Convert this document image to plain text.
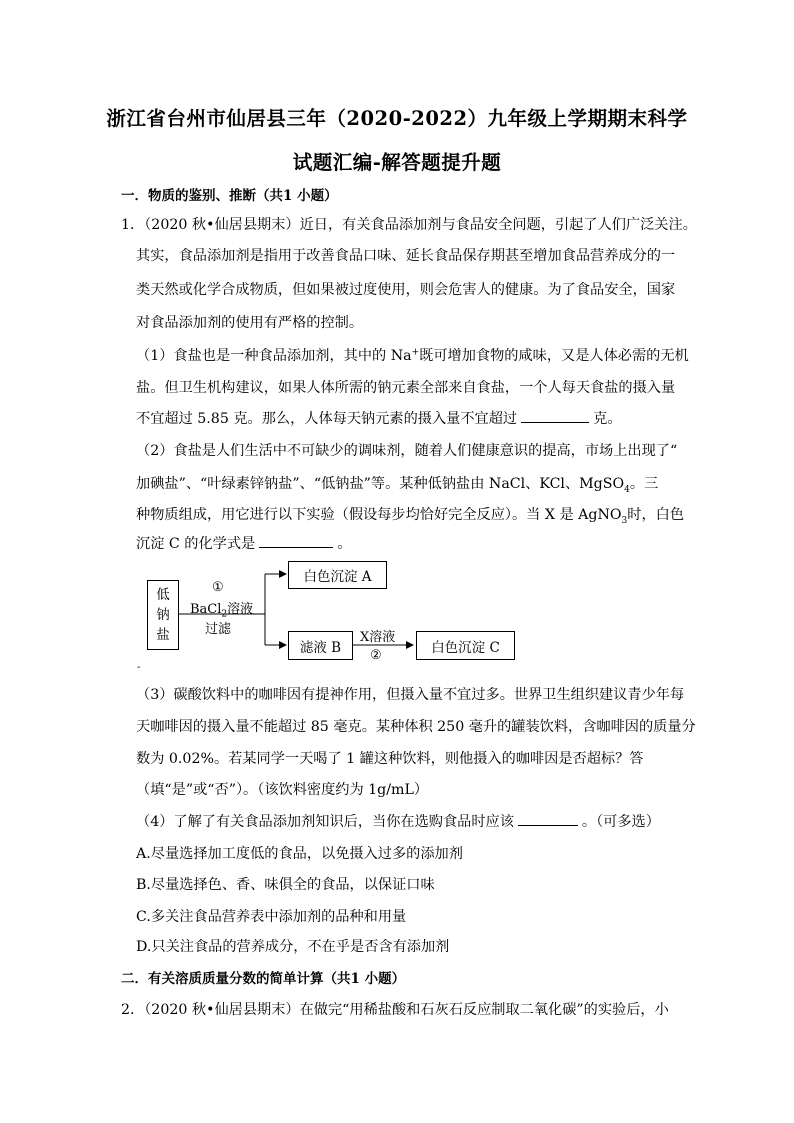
浙江省台州市仙居县三年（2020-2022）九年级上学期期末科学
试题汇编-解答题提升题
一．物质的鉴别、推断（共1 小题）
1．（2020 秋•仙居县期末）近日，有关食品添加剂与食品安全问题，引起了人们广泛关注。
其实，食品添加剂是指用于改善食品口味、延长食品保存期甚至增加食品营养成分的一
类天然或化学合成物质，但如果被过度使用，则会危害人的健康。为了食品安全，国家
对食品添加剂的使用有严格的控制。
（1）食盐也是一种食品添加剂，其中的 Na+既可增加食物的咸味，又是人体必需的无机
盐。但卫生机构建议，如果人体所需的钠元素全部来自食盐，一个人每天食盐的摄入量
不宜超过 5.85 克。那么，人体每天钠元素的摄入量不宜超过	克。
（2）食盐是人们生活中不可缺少的调味剂，随着人们健康意识的提高，市场上出现了“
加碘盐”、“叶绿素锌钠盐”、“低钠盐”等。某种低钠盐由 NaCl、KCl、MgSO$_4$。三
种物质组成，用它进行以下实验（假设每步均恰好完全反应）。当 X 是 AgNO$_3$时，白色
沉淀 C 的化学式是	。
低
钠
盐
①
BaCl$_2$溶液
过滤
白色沉淀 A
滤液 B
X溶液
②	白色沉淀 C
-
（3）碳酸饮料中的咖啡因有提神作用，但摄入量不宜过多。世界卫生组织建议青少年每
天咖啡因的摄入量不能超过 85 毫克。某种体积 250 毫升的罐装饮料，含咖啡因的质量分
数为 0.02%。若某同学一天喝了 1 罐这种饮料，则他摄入的咖啡因是否超标？答
（填“是”或“否”）。（该饮料密度约为 1g/mL）
（4）了解了有关食品添加剂知识后，当你在选购食品时应该	。（可多选）
A.尽量选择加工度低的食品，以免摄入过多的添加剂
B.尽量选择色、香、味俱全的食品，以保证口味
C.多关注食品营养表中添加剂的品种和用量
D.只关注食品的营养成分，不在乎是否含有添加剂
二．有关溶质质量分数的简单计算（共1 小题）
2．（2020 秋•仙居县期末）在做完“用稀盐酸和石灰石反应制取二氧化碳”的实验后，小
